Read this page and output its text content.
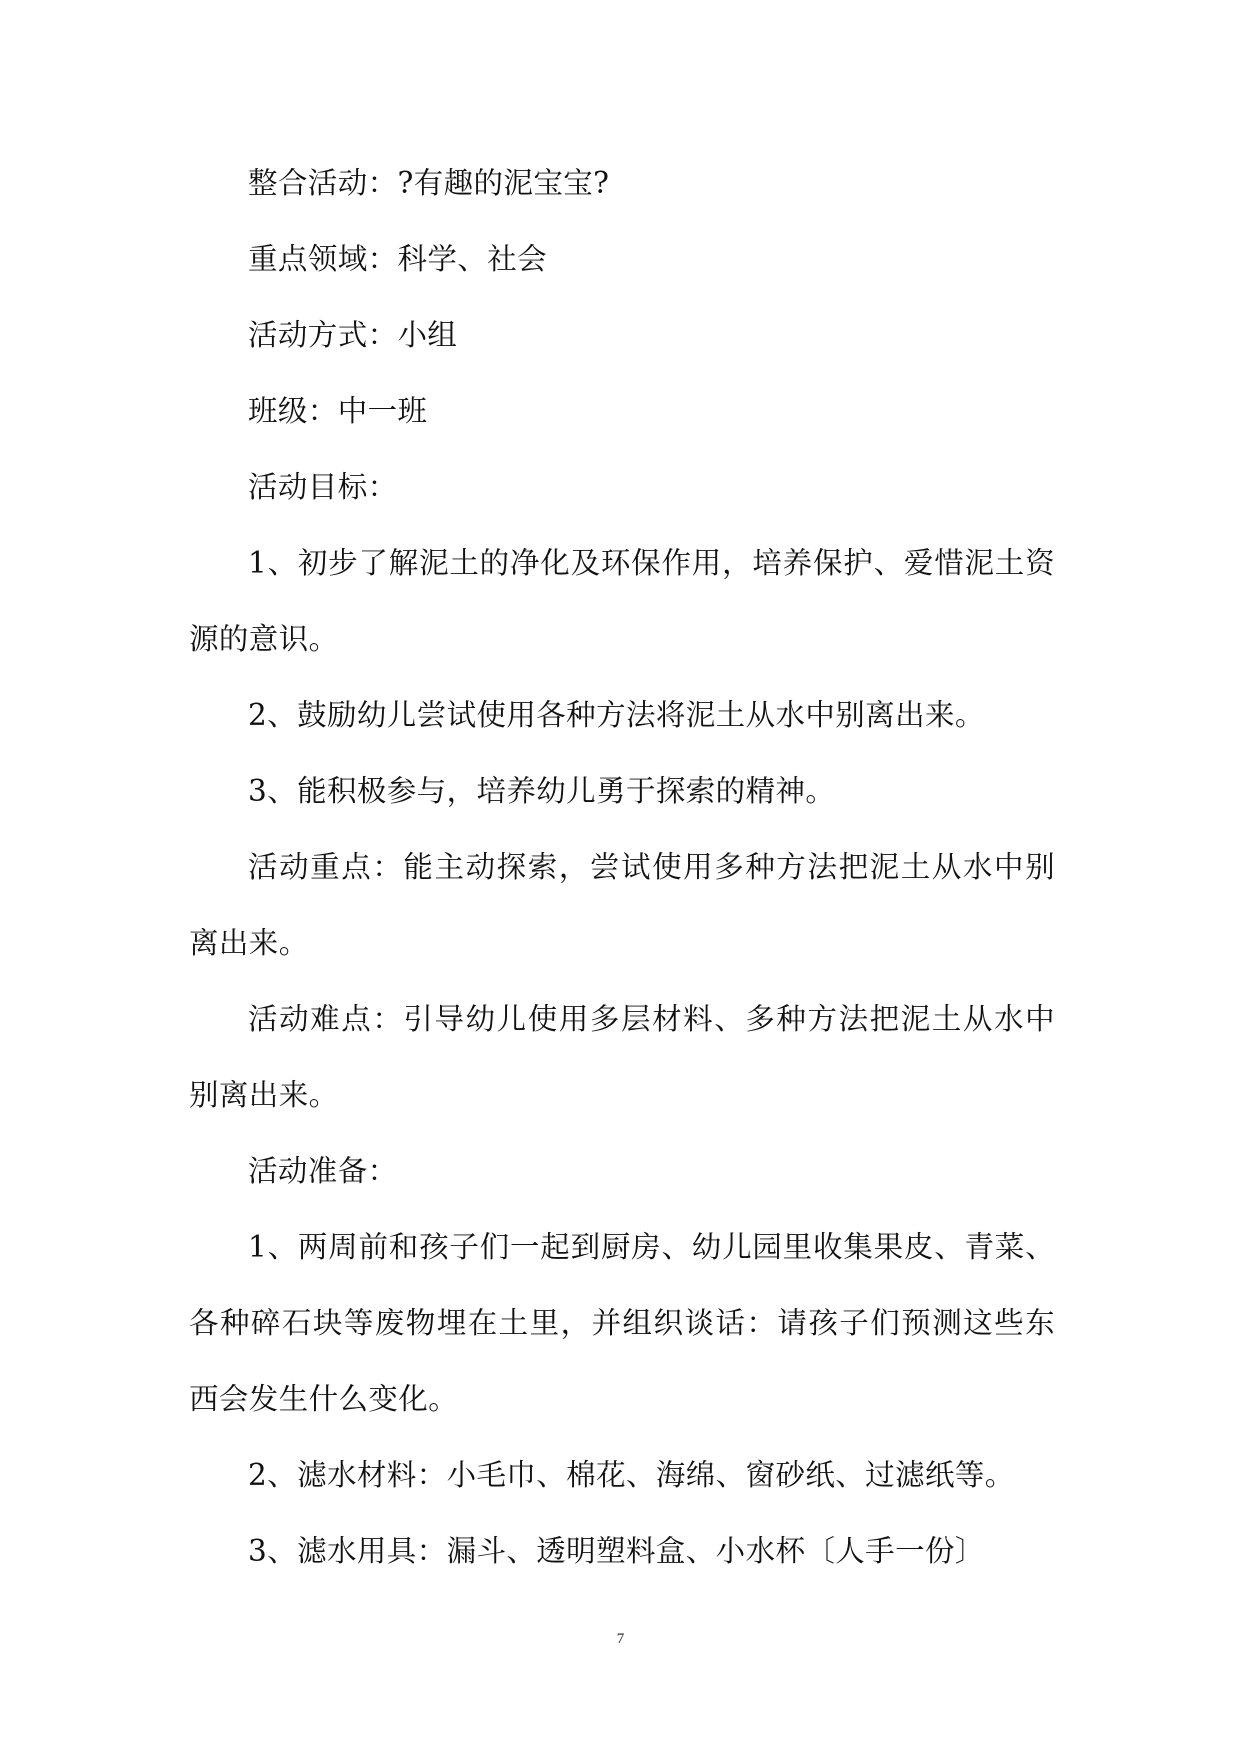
整合活动：?有趣的泥宝宝?

重点领域：科学、社会

活动方式：小组

班级：中一班

活动目标：

1、初步了解泥土的净化及环保作用，培养保护、爱惜泥土资源的意识。

2、鼓励幼儿尝试使用各种方法将泥土从水中别离出来。

3、能积极参与，培养幼儿勇于探索的精神。

活动重点：能主动探索，尝试使用多种方法把泥土从水中别离出来。

活动难点：引导幼儿使用多层材料、多种方法把泥土从水中别离出来。

活动准备：

1、两周前和孩子们一起到厨房、幼儿园里收集果皮、青菜、各种碎石块等废物埋在土里，并组织谈话：请孩子们预测这些东西会发生什么变化。

2、滤水材料：小毛巾、棉花、海绵、窗砂纸、过滤纸等。

3、滤水用具：漏斗、透明塑料盒、小水杯〔人手一份〕

7
